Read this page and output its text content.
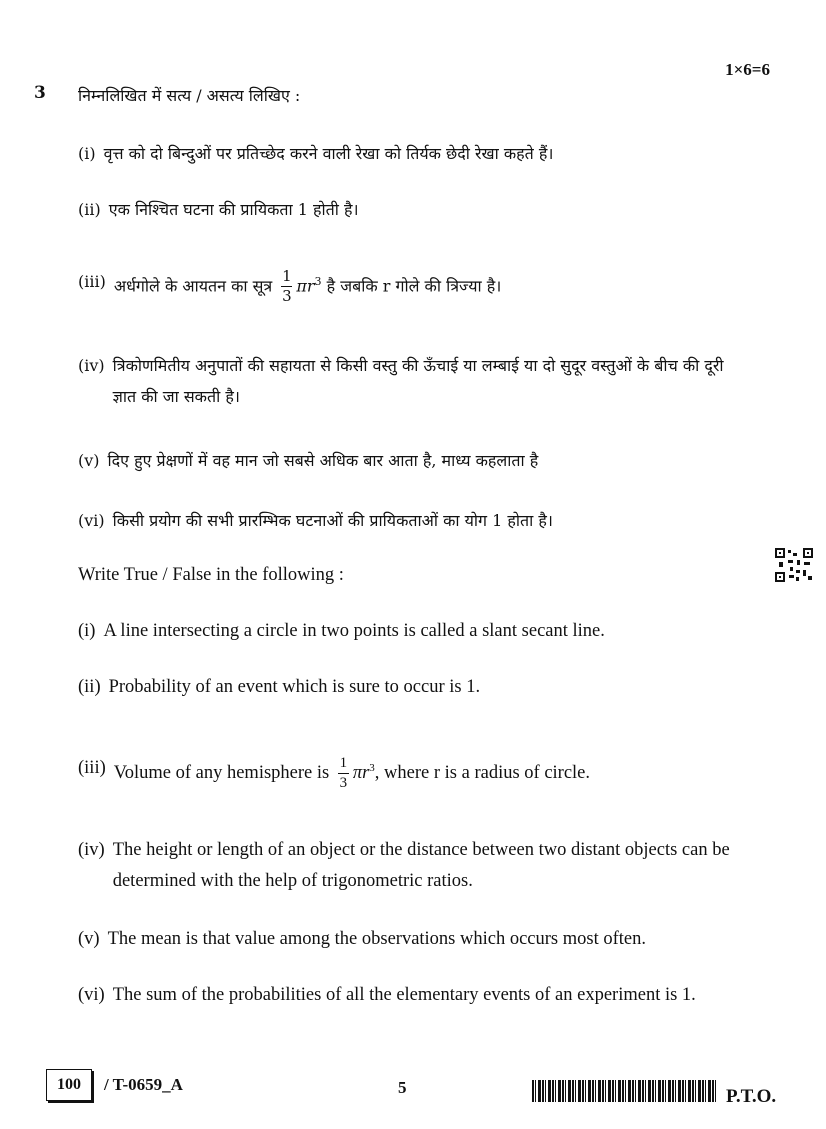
3
1×6=6
निम्नलिखित में सत्य / असत्य लिखिए :
(i) वृत्त को दो बिन्दुओं पर प्रतिच्छेद करने वाली रेखा को तिर्यक छेदी रेखा कहते हैं।
(ii) एक निश्चित घटना की प्रायिकता 1 होती है।
(iii) अर्धगोले के आयतन का सूत्र $\frac{1}{3} \pi r^3$ है जबकि r गोले की त्रिज्या है।
(iv) त्रिकोणमितीय अनुपातों की सहायता से किसी वस्तु की ऊँचाई या लम्बाई या दो सुदूर वस्तुओं के बीच की दूरी ज्ञात की जा सकती है।
(v) दिए हुए प्रेक्षणों में वह मान जो सबसे अधिक बार आता है, माध्य कहलाता है
(vi) किसी प्रयोग की सभी प्रारम्भिक घटनाओं की प्रायिकताओं का योग 1 होता है।
Write True / False in the following :
(i) A line intersecting a circle in two points is called a slant secant line.
(ii) Probability of an event which is sure to occur is 1.
(iii) Volume of any hemisphere is $\frac{1}{3} \pi r^3$, where r is a radius of circle.
(iv) The height or length of an object or the distance between two distant objects can be determined with the help of trigonometric ratios.
(v) The mean is that value among the observations which occurs most often.
(vi) The sum of the probabilities of all the elementary events of an experiment is 1.
100	/ T-0659_A	5	P.T.O.
